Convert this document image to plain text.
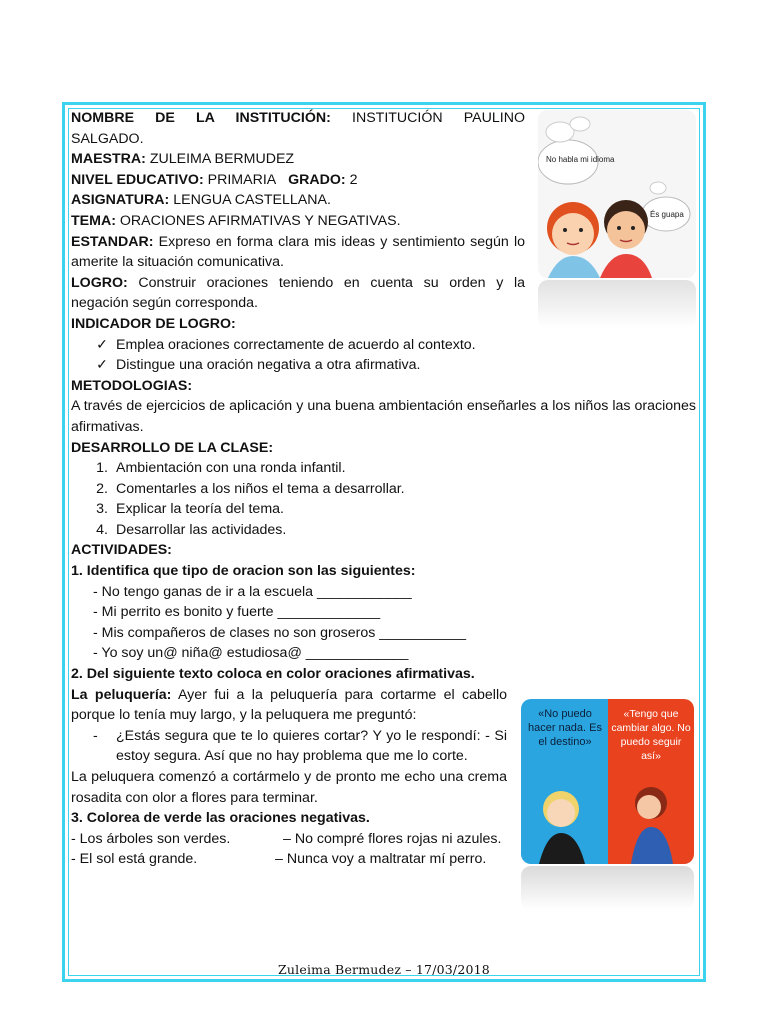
NOMBRE DE LA INSTITUCIÓN: INSTITUCIÓN PAULINO

SALGADO.

MAESTRA: ZULEIMA BERMUDEZ

NIVEL EDUCATIVO: PRIMARIA GRADO: 2

ASIGNATURA: LENGUA CASTELLANA.

TEMA: ORACIONES AFIRMATIVAS Y NEGATIVAS.

ESTANDAR: Expreso en forma clara mis ideas y sentimiento según lo amerite la situación comunicativa.

LOGRO: Construir oraciones teniendo en cuenta su orden y la negación según corresponda.

INDICADOR DE LOGRO:

✓ Emplea oraciones correctamente de acuerdo al contexto.
✓ Distingue una oración negativa a otra afirmativa.

METODOLOGIAS:

A través de ejercicios de aplicación y una buena ambientación enseñarles a los niños las oraciones afirmativas.

DESARROLLO DE LA CLASE:

1. Ambientación con una ronda infantil.
2. Comentarles a los niños el tema a desarrollar.
3. Explicar la teoría del tema.
4. Desarrollar las actividades.

ACTIVIDADES:

1. Identifica que tipo de oracion son las siguientes:

- No tengo ganas de ir a la escuela ____________

- Mi perrito es bonito y fuerte _____________

- Mis compañeros de clases no son groseros ___________

- Yo soy un@ niña@ estudiosa@ _____________

2. Del siguiente texto coloca en color oraciones afirmativas.

La peluquería: Ayer fui a la peluquería para cortarme el cabello porque lo tenía muy largo, y la peluquera me preguntó:

-	¿Estás segura que te lo quieres cortar? Y yo le respondí: - Si estoy segura. Así que no hay problema que me lo corte.

La peluquera comenzó a cortármelo y de pronto me echo una crema rosadita con olor a flores para terminar.

3. Colorea de verde las oraciones negativas.

- Los árboles son verdes.	– No compré flores rojas ni azules.
- El sol está grande.	– Nunca voy a maltratar mí perro.
No habla mi idioma
És guapa
«No puedo hacer nada. Es el destino»
«Tengo que cambiar algo. No puedo seguir así»
Zuleima Bermudez – 17/03/2018
